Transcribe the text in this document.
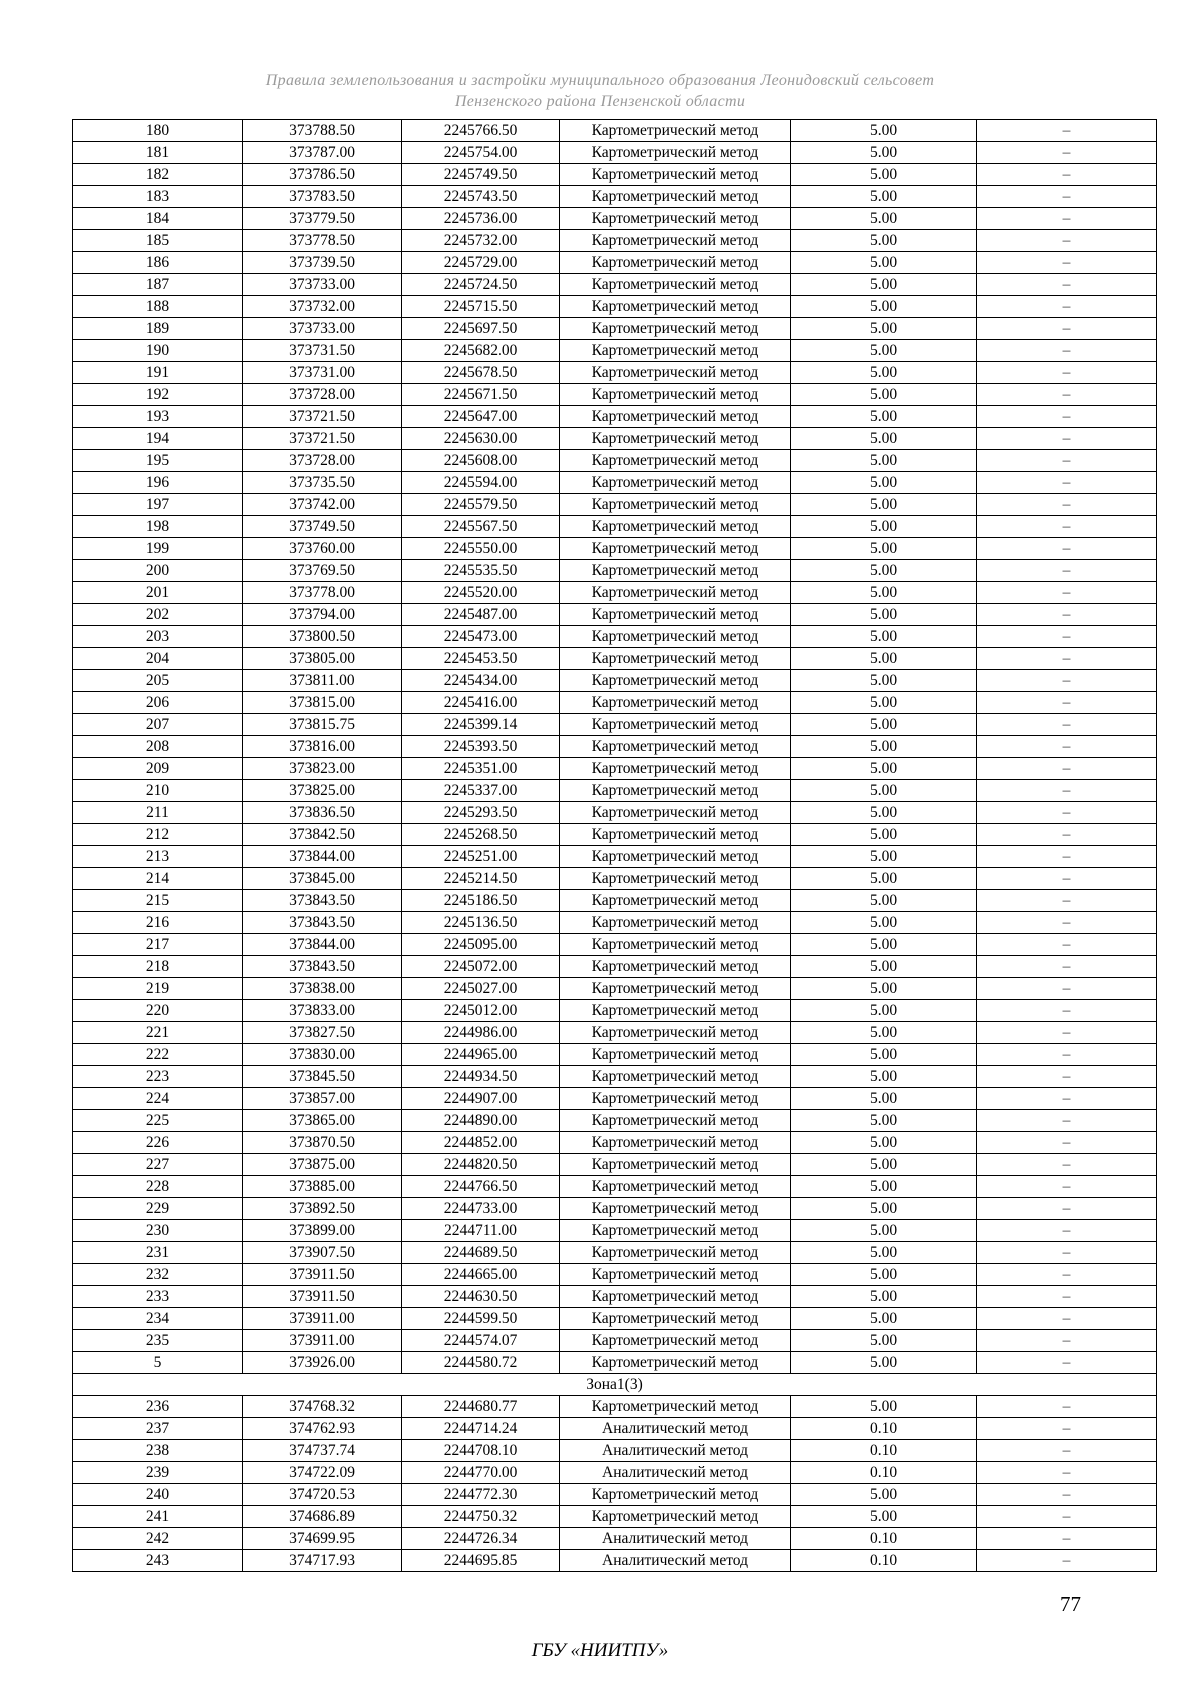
Правила землепользования и застройки муниципального образования Леонидовский сельсовет
Пензенского района Пензенской области
180	373788.50	2245766.50	Картометрический метод	5.00	–
181	373787.00	2245754.00	Картометрический метод	5.00	–
182	373786.50	2245749.50	Картометрический метод	5.00	–
183	373783.50	2245743.50	Картометрический метод	5.00	–
184	373779.50	2245736.00	Картометрический метод	5.00	–
185	373778.50	2245732.00	Картометрический метод	5.00	–
186	373739.50	2245729.00	Картометрический метод	5.00	–
187	373733.00	2245724.50	Картометрический метод	5.00	–
188	373732.00	2245715.50	Картометрический метод	5.00	–
189	373733.00	2245697.50	Картометрический метод	5.00	–
190	373731.50	2245682.00	Картометрический метод	5.00	–
191	373731.00	2245678.50	Картометрический метод	5.00	–
192	373728.00	2245671.50	Картометрический метод	5.00	–
193	373721.50	2245647.00	Картометрический метод	5.00	–
194	373721.50	2245630.00	Картометрический метод	5.00	–
195	373728.00	2245608.00	Картометрический метод	5.00	–
196	373735.50	2245594.00	Картометрический метод	5.00	–
197	373742.00	2245579.50	Картометрический метод	5.00	–
198	373749.50	2245567.50	Картометрический метод	5.00	–
199	373760.00	2245550.00	Картометрический метод	5.00	–
200	373769.50	2245535.50	Картометрический метод	5.00	–
201	373778.00	2245520.00	Картометрический метод	5.00	–
202	373794.00	2245487.00	Картометрический метод	5.00	–
203	373800.50	2245473.00	Картометрический метод	5.00	–
204	373805.00	2245453.50	Картометрический метод	5.00	–
205	373811.00	2245434.00	Картометрический метод	5.00	–
206	373815.00	2245416.00	Картометрический метод	5.00	–
207	373815.75	2245399.14	Картометрический метод	5.00	–
208	373816.00	2245393.50	Картометрический метод	5.00	–
209	373823.00	2245351.00	Картометрический метод	5.00	–
210	373825.00	2245337.00	Картометрический метод	5.00	–
211	373836.50	2245293.50	Картометрический метод	5.00	–
212	373842.50	2245268.50	Картометрический метод	5.00	–
213	373844.00	2245251.00	Картометрический метод	5.00	–
214	373845.00	2245214.50	Картометрический метод	5.00	–
215	373843.50	2245186.50	Картометрический метод	5.00	–
216	373843.50	2245136.50	Картометрический метод	5.00	–
217	373844.00	2245095.00	Картометрический метод	5.00	–
218	373843.50	2245072.00	Картометрический метод	5.00	–
219	373838.00	2245027.00	Картометрический метод	5.00	–
220	373833.00	2245012.00	Картометрический метод	5.00	–
221	373827.50	2244986.00	Картометрический метод	5.00	–
222	373830.00	2244965.00	Картометрический метод	5.00	–
223	373845.50	2244934.50	Картометрический метод	5.00	–
224	373857.00	2244907.00	Картометрический метод	5.00	–
225	373865.00	2244890.00	Картометрический метод	5.00	–
226	373870.50	2244852.00	Картометрический метод	5.00	–
227	373875.00	2244820.50	Картометрический метод	5.00	–
228	373885.00	2244766.50	Картометрический метод	5.00	–
229	373892.50	2244733.00	Картометрический метод	5.00	–
230	373899.00	2244711.00	Картометрический метод	5.00	–
231	373907.50	2244689.50	Картометрический метод	5.00	–
232	373911.50	2244665.00	Картометрический метод	5.00	–
233	373911.50	2244630.50	Картометрический метод	5.00	–
234	373911.00	2244599.50	Картометрический метод	5.00	–
235	373911.00	2244574.07	Картометрический метод	5.00	–
5	373926.00	2244580.72	Картометрический метод	5.00	–
Зона1(3)					
236	374768.32	2244680.77	Картометрический метод	5.00	–
237	374762.93	2244714.24	Аналитический метод	0.10	–
238	374737.74	2244708.10	Аналитический метод	0.10	–
239	374722.09	2244770.00	Аналитический метод	0.10	–
240	374720.53	2244772.30	Картометрический метод	5.00	–
241	374686.89	2244750.32	Картометрический метод	5.00	–
242	374699.95	2244726.34	Аналитический метод	0.10	–
243	374717.93	2244695.85	Аналитический метод	0.10	–
77
ГБУ «НИИТПУ»
